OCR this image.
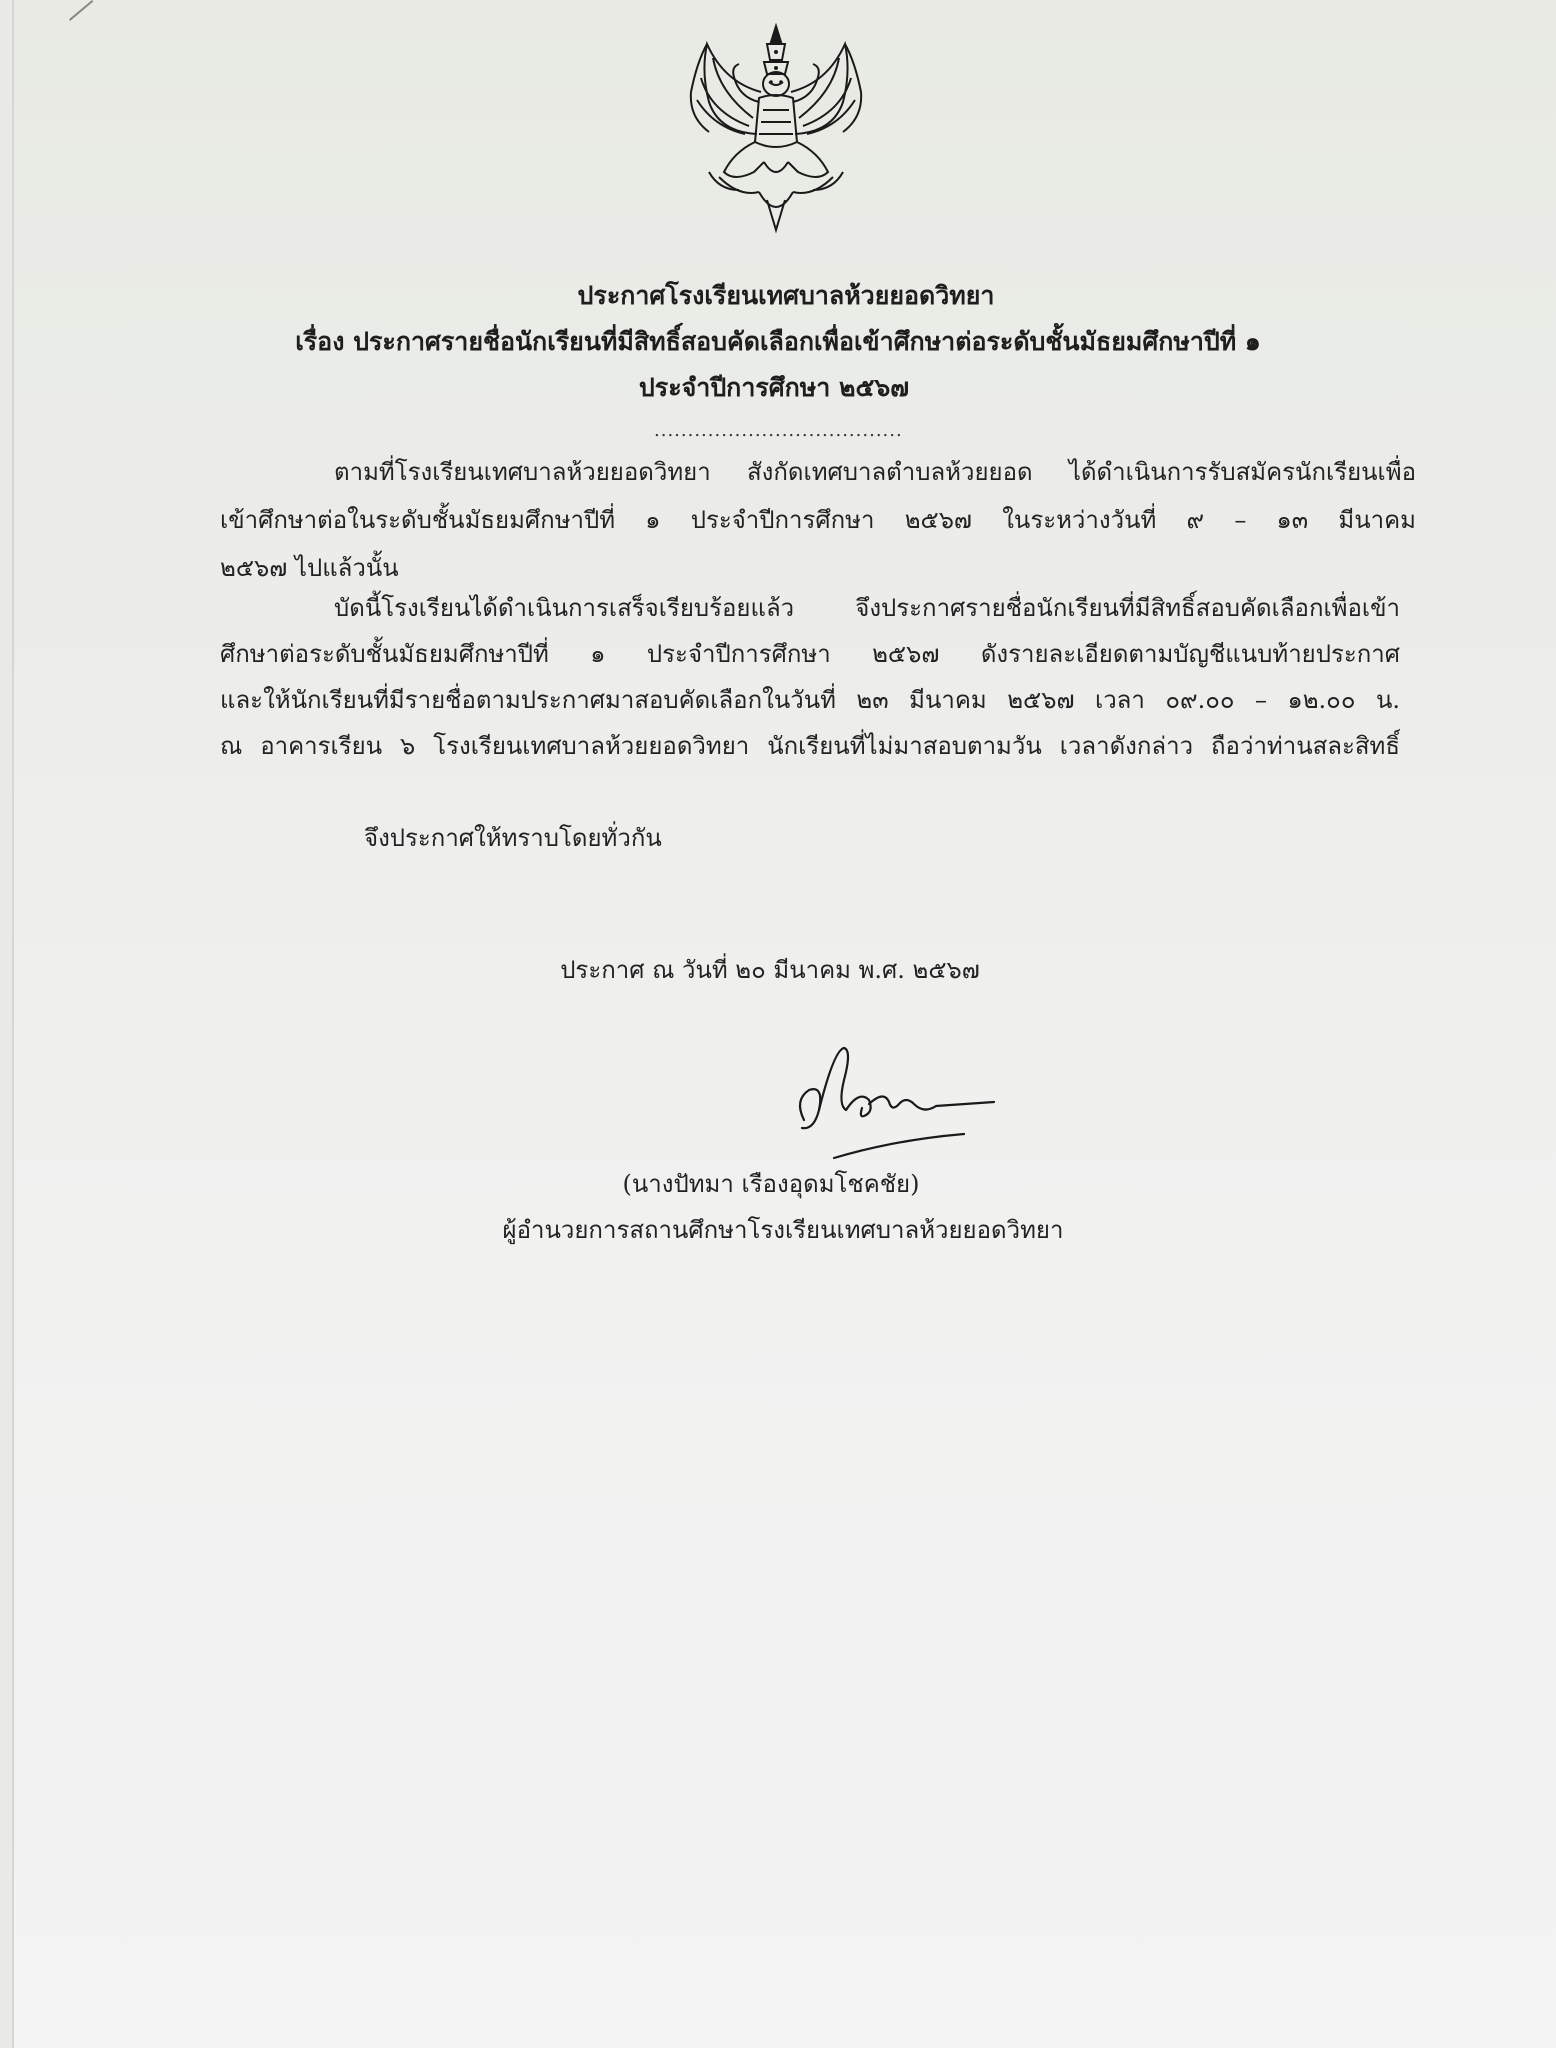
ประกาศโรงเรียนเทศบาลห้วยยอดวิทยา
เรื่อง ประกาศรายชื่อนักเรียนที่มีสิทธิ์สอบคัดเลือกเพื่อเข้าศึกษาต่อระดับชั้นมัธยมศึกษาปีที่ ๑
ประจำปีการศึกษา ๒๕๖๗
.....................................
ตามที่โรงเรียนเทศบาลห้วยยอดวิทยา สังกัดเทศบาลตำบลห้วยยอด ได้ดำเนินการรับสมัครนักเรียนเพื่อ
เข้าศึกษาต่อในระดับชั้นมัธยมศึกษาปีที่ ๑ ประจำปีการศึกษา ๒๕๖๗ ในระหว่างวันที่ ๙ – ๑๓ มีนาคม
๒๕๖๗ ไปแล้วนั้น
บัดนี้โรงเรียนได้ดำเนินการเสร็จเรียบร้อยแล้ว จึงประกาศรายชื่อนักเรียนที่มีสิทธิ์สอบคัดเลือกเพื่อเข้า
ศึกษาต่อระดับชั้นมัธยมศึกษาปีที่ ๑ ประจำปีการศึกษา ๒๕๖๗ ดังรายละเอียดตามบัญชีแนบท้ายประกาศ
และให้นักเรียนที่มีรายชื่อตามประกาศมาสอบคัดเลือกในวันที่ ๒๓ มีนาคม ๒๕๖๗ เวลา ๐๙.๐๐ – ๑๒.๐๐ น.
ณ อาคารเรียน ๖ โรงเรียนเทศบาลห้วยยอดวิทยา นักเรียนที่ไม่มาสอบตามวัน เวลาดังกล่าว ถือว่าท่านสละสิทธิ์
จึงประกาศให้ทราบโดยทั่วกัน
ประกาศ ณ วันที่ ๒๐ มีนาคม พ.ศ. ๒๕๖๗
(นางปัทมา เรืองอุดมโชคชัย)
ผู้อำนวยการสถานศึกษาโรงเรียนเทศบาลห้วยยอดวิทยา
